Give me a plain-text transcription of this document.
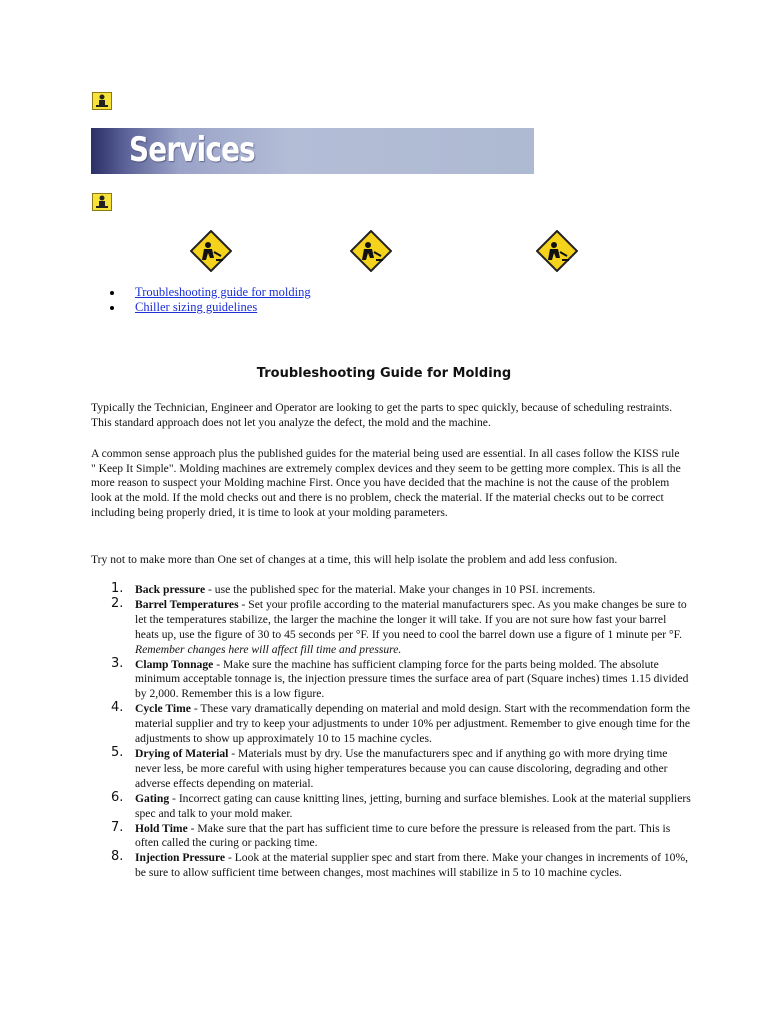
Services
Troubleshooting guide for molding
Chiller sizing guidelines
Troubleshooting Guide for Molding

Typically the Technician, Engineer and Operator are looking to get the parts to spec quickly, because of scheduling restraints. This standard approach does not let you analyze the defect, the mold and the machine.

A common sense approach plus the published guides for the material being used are essential. In all cases follow the KISS rule " Keep It Simple". Molding machines are extremely complex devices and they seem to be getting more complex. This is all the more reason to suspect your Molding machine First. Once you have decided that the machine is not the cause of the problem look at the mold. If the mold checks out and there is no problem, check the material. If the material checks out to be correct including being properly dried, it is time to look at your molding parameters.

Try not to make more than One set of changes at a time, this will help isolate the problem and add less confusion.

1. Back pressure - use the published spec for the material. Make your changes in 10 PSI. increments.
2. Barrel Temperatures - Set your profile according to the material manufacturers spec. As you make changes be sure to let the temperatures stabilize, the larger the machine the longer it will take. If you are not sure how fast your barrel heats up, use the figure of 30 to 45 seconds per °F. If you need to cool the barrel down use a figure of 1 minute per °F. Remember changes here will affect fill time and pressure.
3. Clamp Tonnage - Make sure the machine has sufficient clamping force for the parts being molded. The absolute minimum acceptable tonnage is, the injection pressure times the surface area of part (Square inches) times 1.15 divided by 2,000. Remember this is a low figure.
4. Cycle Time - These vary dramatically depending on material and mold design. Start with the recommendation form the material supplier and try to keep your adjustments to under 10% per adjustment. Remember to give enough time for the adjustments to show up approximately 10 to 15 machine cycles.
5. Drying of Material - Materials must by dry. Use the manufacturers spec and if anything go with more drying time never less, be more careful with using higher temperatures because you can cause discoloring, degrading and other adverse effects depending on material.
6. Gating - Incorrect gating can cause knitting lines, jetting, burning and surface blemishes. Look at the material suppliers spec and talk to your mold maker.
7. Hold Time - Make sure that the part has sufficient time to cure before the pressure is released from the part. This is often called the curing or packing time.
8. Injection Pressure - Look at the material supplier spec and start from there. Make your changes in increments of 10%, be sure to allow sufficient time between changes, most machines will stabilize in 5 to 10 machine cycles.
